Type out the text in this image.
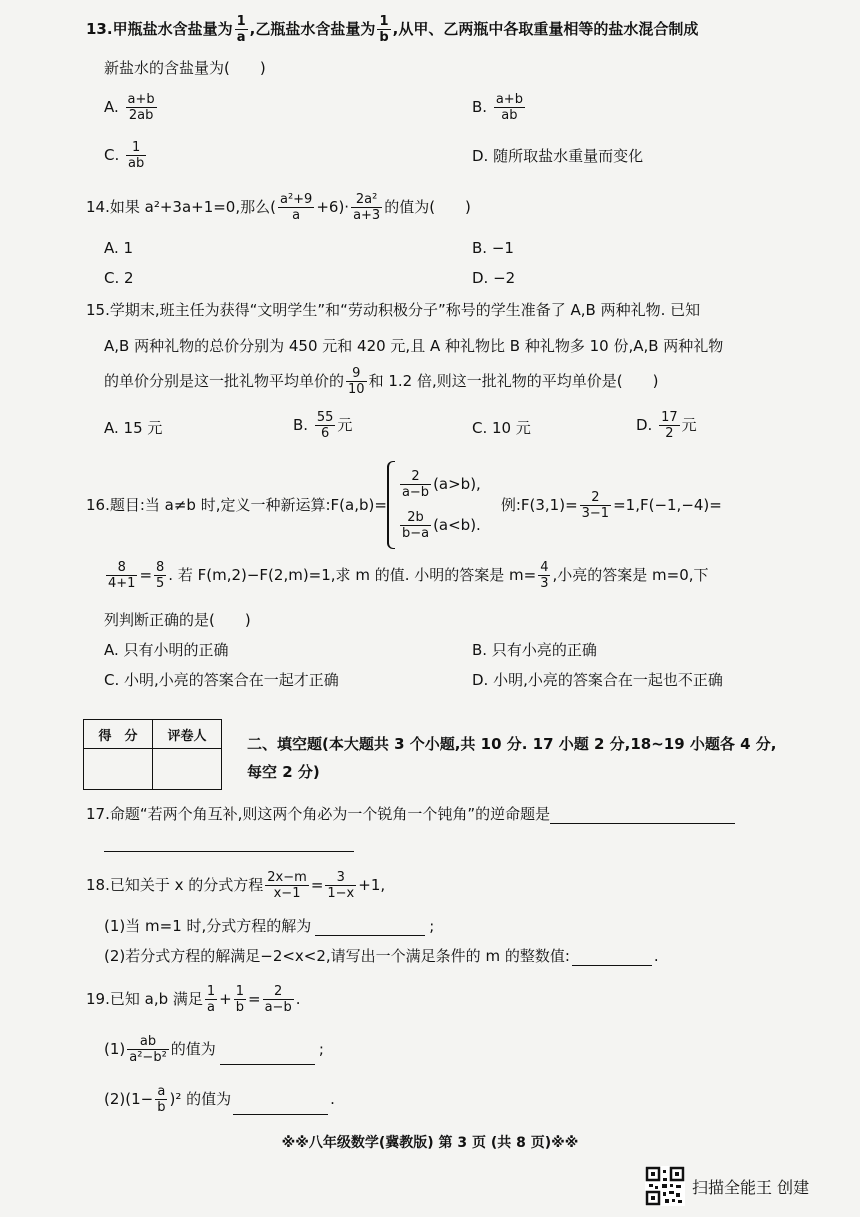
13.甲瓶盐水含盐量为 $\frac{1}{a}$ ,乙瓶盐水含盐量为 $\frac{1}{b}$ ,从甲、乙两瓶中各取重量相等的盐水混合制成
新盐水的含盐量为(　　)
A. $\frac{a+b}{2ab}$	B. $\frac{a+b}{ab}$
C. $\frac{1}{ab}$	D. 随所取盐水重量而变化
14.如果 a²+3a+1=0,那么( $\frac{\text{a²+9}}{a} +6)\cdot \frac{\text{2a²}}{a+3}$ 的值为(　　)
A. 1	B. −1
C. 2	D. −2
15.学期末,班主任为获得“文明学生”和“劳动积极分子”称号的学生准备了 A,B 两种礼物. 已知
A,B 两种礼物的总价分别为 450 元和 420 元,且 A 种礼物比 B 种礼物多 10 份,A,B 两种礼物
的单价分别是这一批礼物平均单价的 $\frac{9}{10}$ 和 1.2 倍,则这一批礼物的平均单价是(　　)
A. 15 元	B. $\frac{55}{6}$ 元	C. 10 元	D. $\frac{17}{2}$ 元
16.题目:当 a≠b 时,定义一种新运算:F(a,b)=
$\frac{2}{a-b} (a>b)$,
$\frac{2b}{b-a} (a<b)$.
例:F(3,1)= $\frac{2}{3-1} =1,F(-1,-4)=$
$\frac{8}{4+1} = \frac{8}{5}$ . 若 F(m,2)−F(2,m)=1,求 m 的值. 小明的答案是 $m= \frac{4}{3}$ ,小亮的答案是 m=0,下
列判断正确的是(　　)
A. 只有小明的正确	B. 只有小亮的正确
C. 小明,小亮的答案合在一起才正确	D. 小明,小亮的答案合在一起也不正确
得　分	评卷人
		二、填空题(本大题共 3 个小题,共 10 分. 17 小题 2 分,18~19 小题各 4 分,
每空 2 分)
17.命题“若两个角互补,则这两个角必为一个锐角一个钝角”的逆命题是
18.已知关于 x 的分式方程 $\frac{2x-m}{x-1} = \frac{3}{1-x} +1$,
(1)当 m=1 时,分式方程的解为	;
(2)若分式方程的解满足−2<x<2,请写出一个满足条件的 m 的整数值:	.
19.已知 a,b 满足 $\frac{1}{a} + \frac{1}{b} = \frac{2}{a-b}$ .
$(1) \frac{ab}{\text{a²−b²}}$ 的值为	;
$(2)(1- \frac{a}{b} )^2$ 的值为	.
※※八年级数学(冀教版) 第 3 页 (共 8 页)※※
扫描全能王 创建
